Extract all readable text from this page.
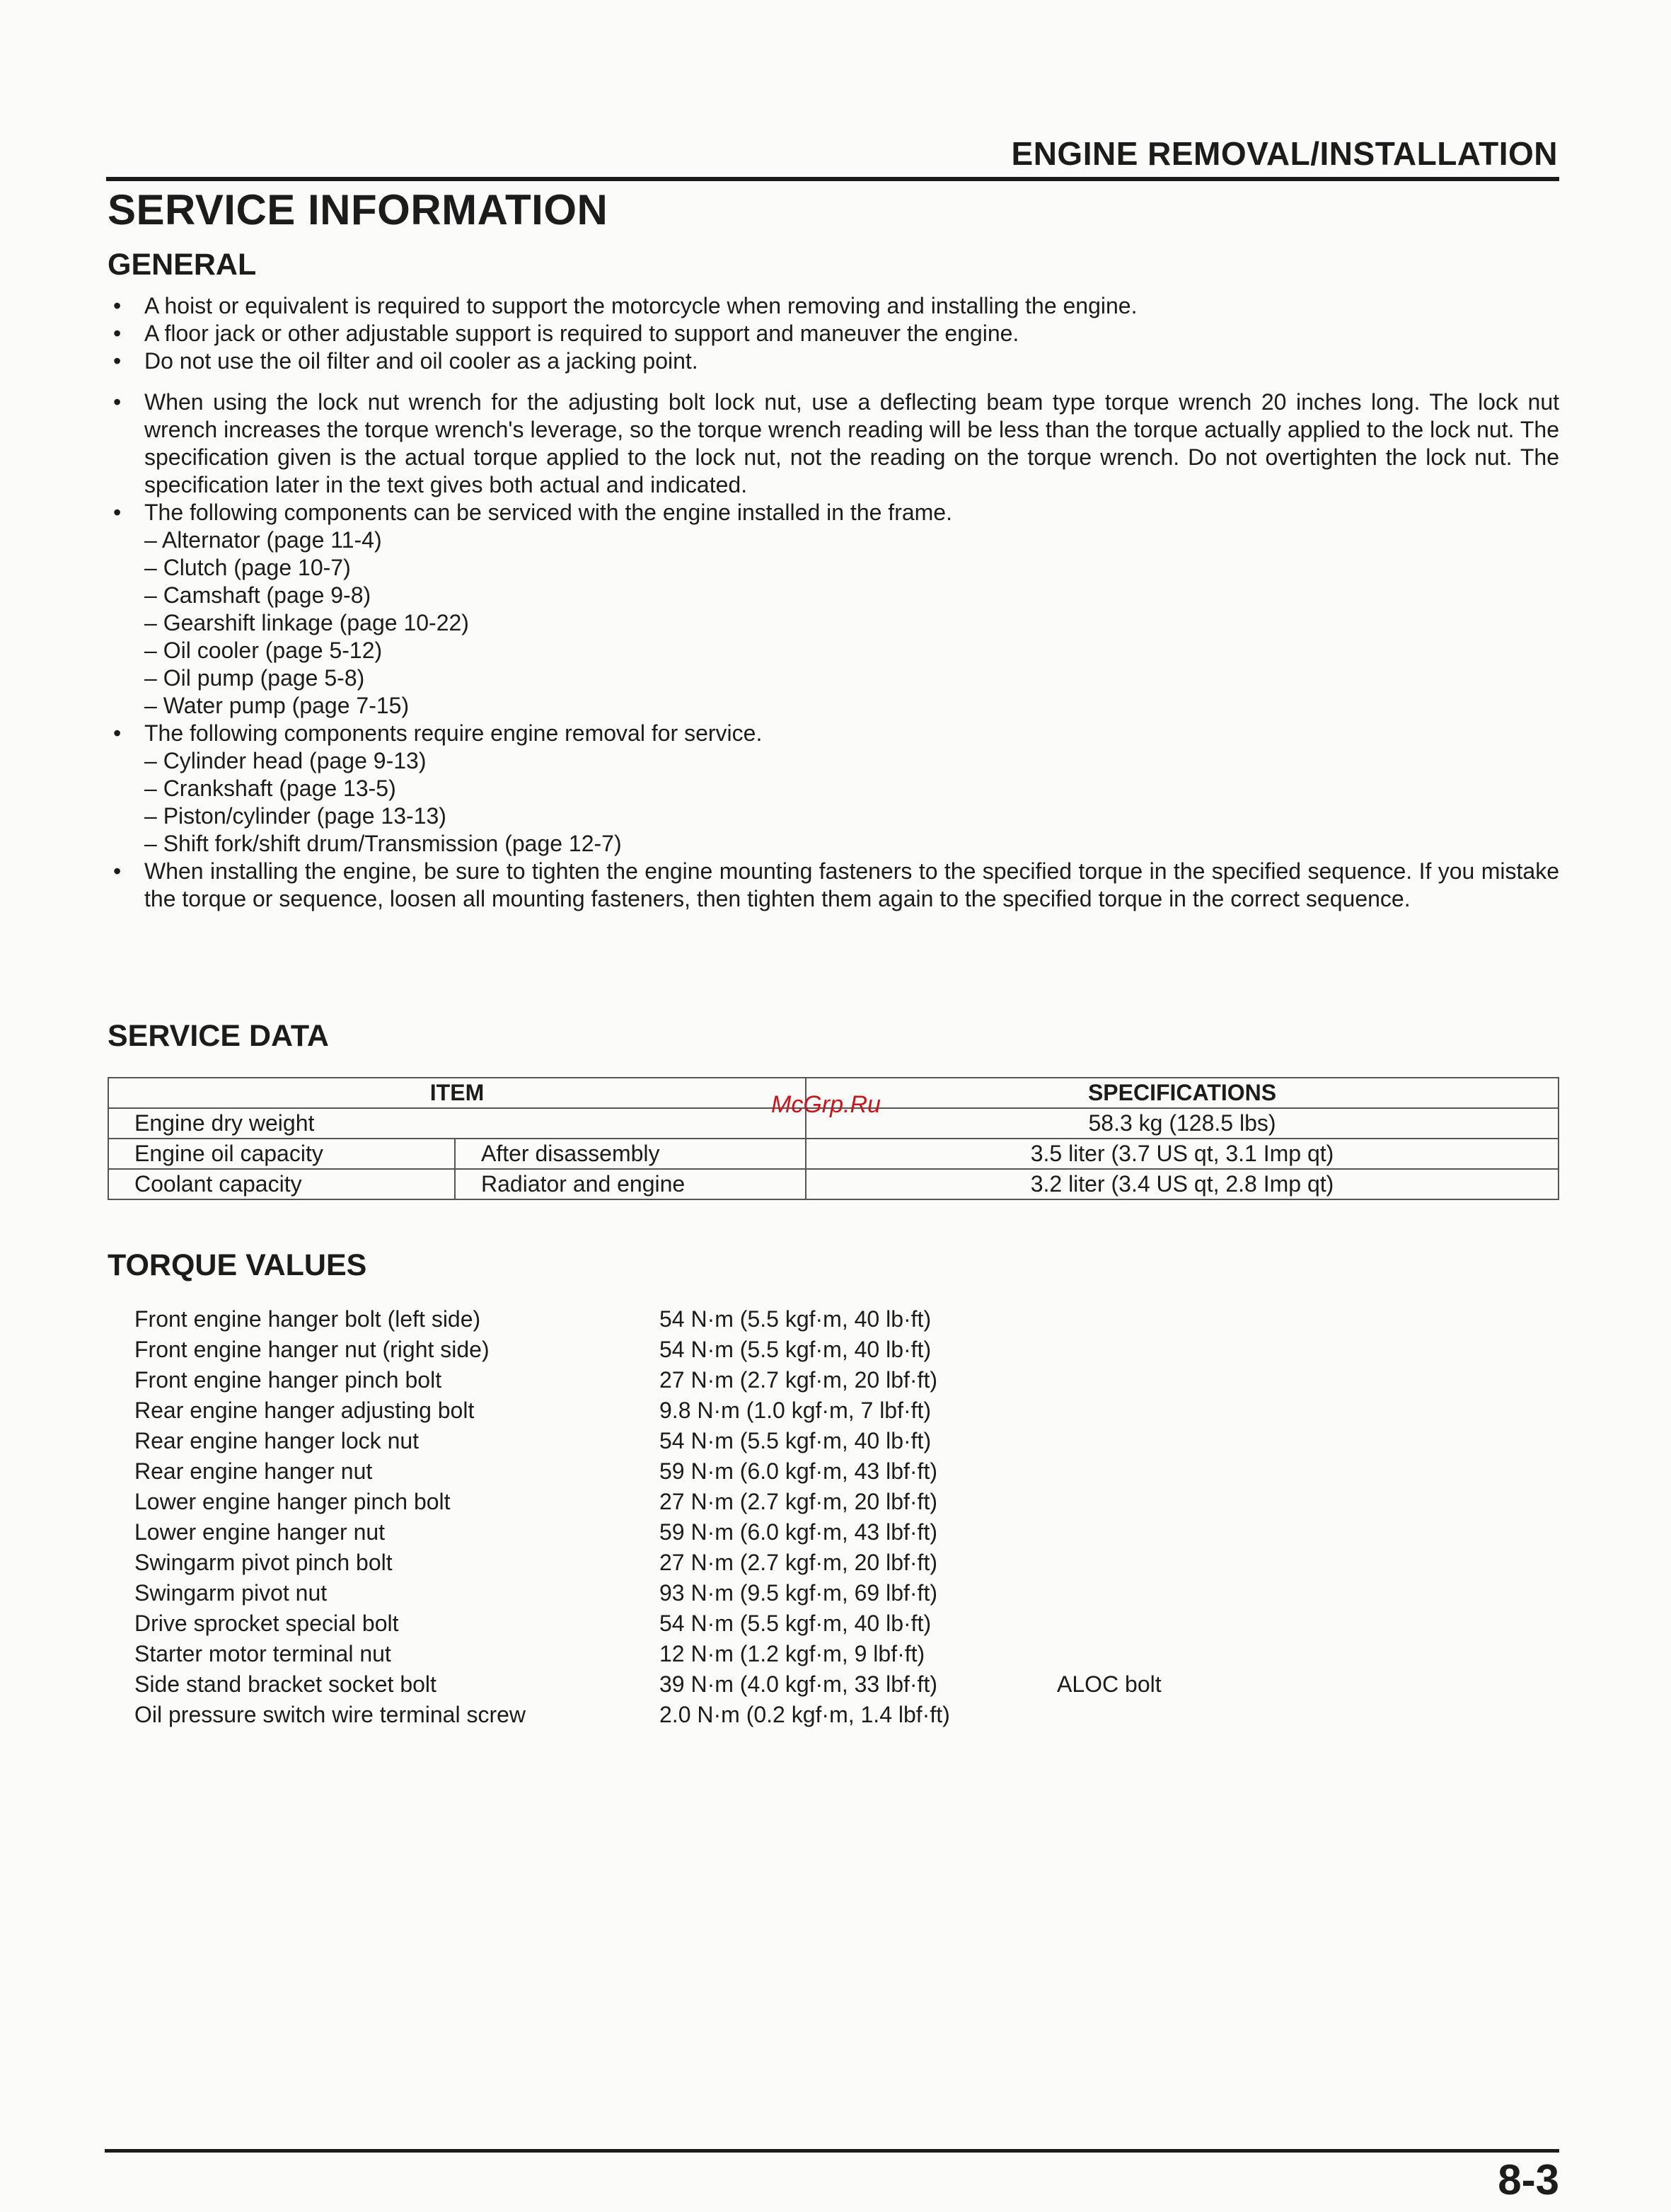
ENGINE REMOVAL/INSTALLATION
SERVICE INFORMATION
GENERAL
•	A hoist or equivalent is required to support the motorcycle when removing and installing the engine.
•	A floor jack or other adjustable support is required to support and maneuver the engine.
•	Do not use the oil filter and oil cooler as a jacking point.
•	When using the lock nut wrench for the adjusting bolt lock nut, use a deflecting beam type torque wrench 20 inches long. The lock nut wrench increases the torque wrench's leverage, so the torque wrench reading will be less than the torque actually applied to the lock nut. The specification given is the actual torque applied to the lock nut, not the reading on the torque wrench. Do not overtighten the lock nut. The specification later in the text gives both actual and indicated.
•	The following components can be serviced with the engine installed in the frame.
– Alternator (page 11-4)
– Clutch (page 10-7)
– Camshaft (page 9-8)
– Gearshift linkage (page 10-22)
– Oil cooler (page 5-12)
– Oil pump (page 5-8)
– Water pump (page 7-15)
•	The following components require engine removal for service.
– Cylinder head (page 9-13)
– Crankshaft (page 13-5)
– Piston/cylinder (page 13-13)
– Shift fork/shift drum/Transmission (page 12-7)
•	When installing the engine, be sure to tighten the engine mounting fasteners to the specified torque in the specified sequence. If you mistake the torque or sequence, loosen all mounting fasteners, then tighten them again to the specified torque in the correct sequence.
SERVICE DATA
ITEM		SPECIFICATIONS
Engine dry weight		58.3 kg (128.5 lbs)
Engine oil capacity	After disassembly	3.5 liter (3.7 US qt, 3.1 Imp qt)
Coolant capacity	Radiator and engine	3.2 liter (3.4 US qt, 2.8 Imp qt)
McGrp.Ru
TORQUE VALUES
Front engine hanger bolt (left side)	54 N·m (5.5 kgf·m, 40 lb·ft)
Front engine hanger nut (right side)	54 N·m (5.5 kgf·m, 40 lb·ft)
Front engine hanger pinch bolt	27 N·m (2.7 kgf·m, 20 lbf·ft)
Rear engine hanger adjusting bolt	9.8 N·m (1.0 kgf·m, 7 lbf·ft)
Rear engine hanger lock nut	54 N·m (5.5 kgf·m, 40 lb·ft)
Rear engine hanger nut	59 N·m (6.0 kgf·m, 43 lbf·ft)
Lower engine hanger pinch bolt	27 N·m (2.7 kgf·m, 20 lbf·ft)
Lower engine hanger nut	59 N·m (6.0 kgf·m, 43 lbf·ft)
Swingarm pivot pinch bolt	27 N·m (2.7 kgf·m, 20 lbf·ft)
Swingarm pivot nut	93 N·m (9.5 kgf·m, 69 lbf·ft)
Drive sprocket special bolt	54 N·m (5.5 kgf·m, 40 lb·ft)
Starter motor terminal nut	12 N·m (1.2 kgf·m, 9 lbf·ft)
Side stand bracket socket bolt	39 N·m (4.0 kgf·m, 33 lbf·ft)	ALOC bolt
Oil pressure switch wire terminal screw	2.0 N·m (0.2 kgf·m, 1.4 lbf·ft)
8-3
